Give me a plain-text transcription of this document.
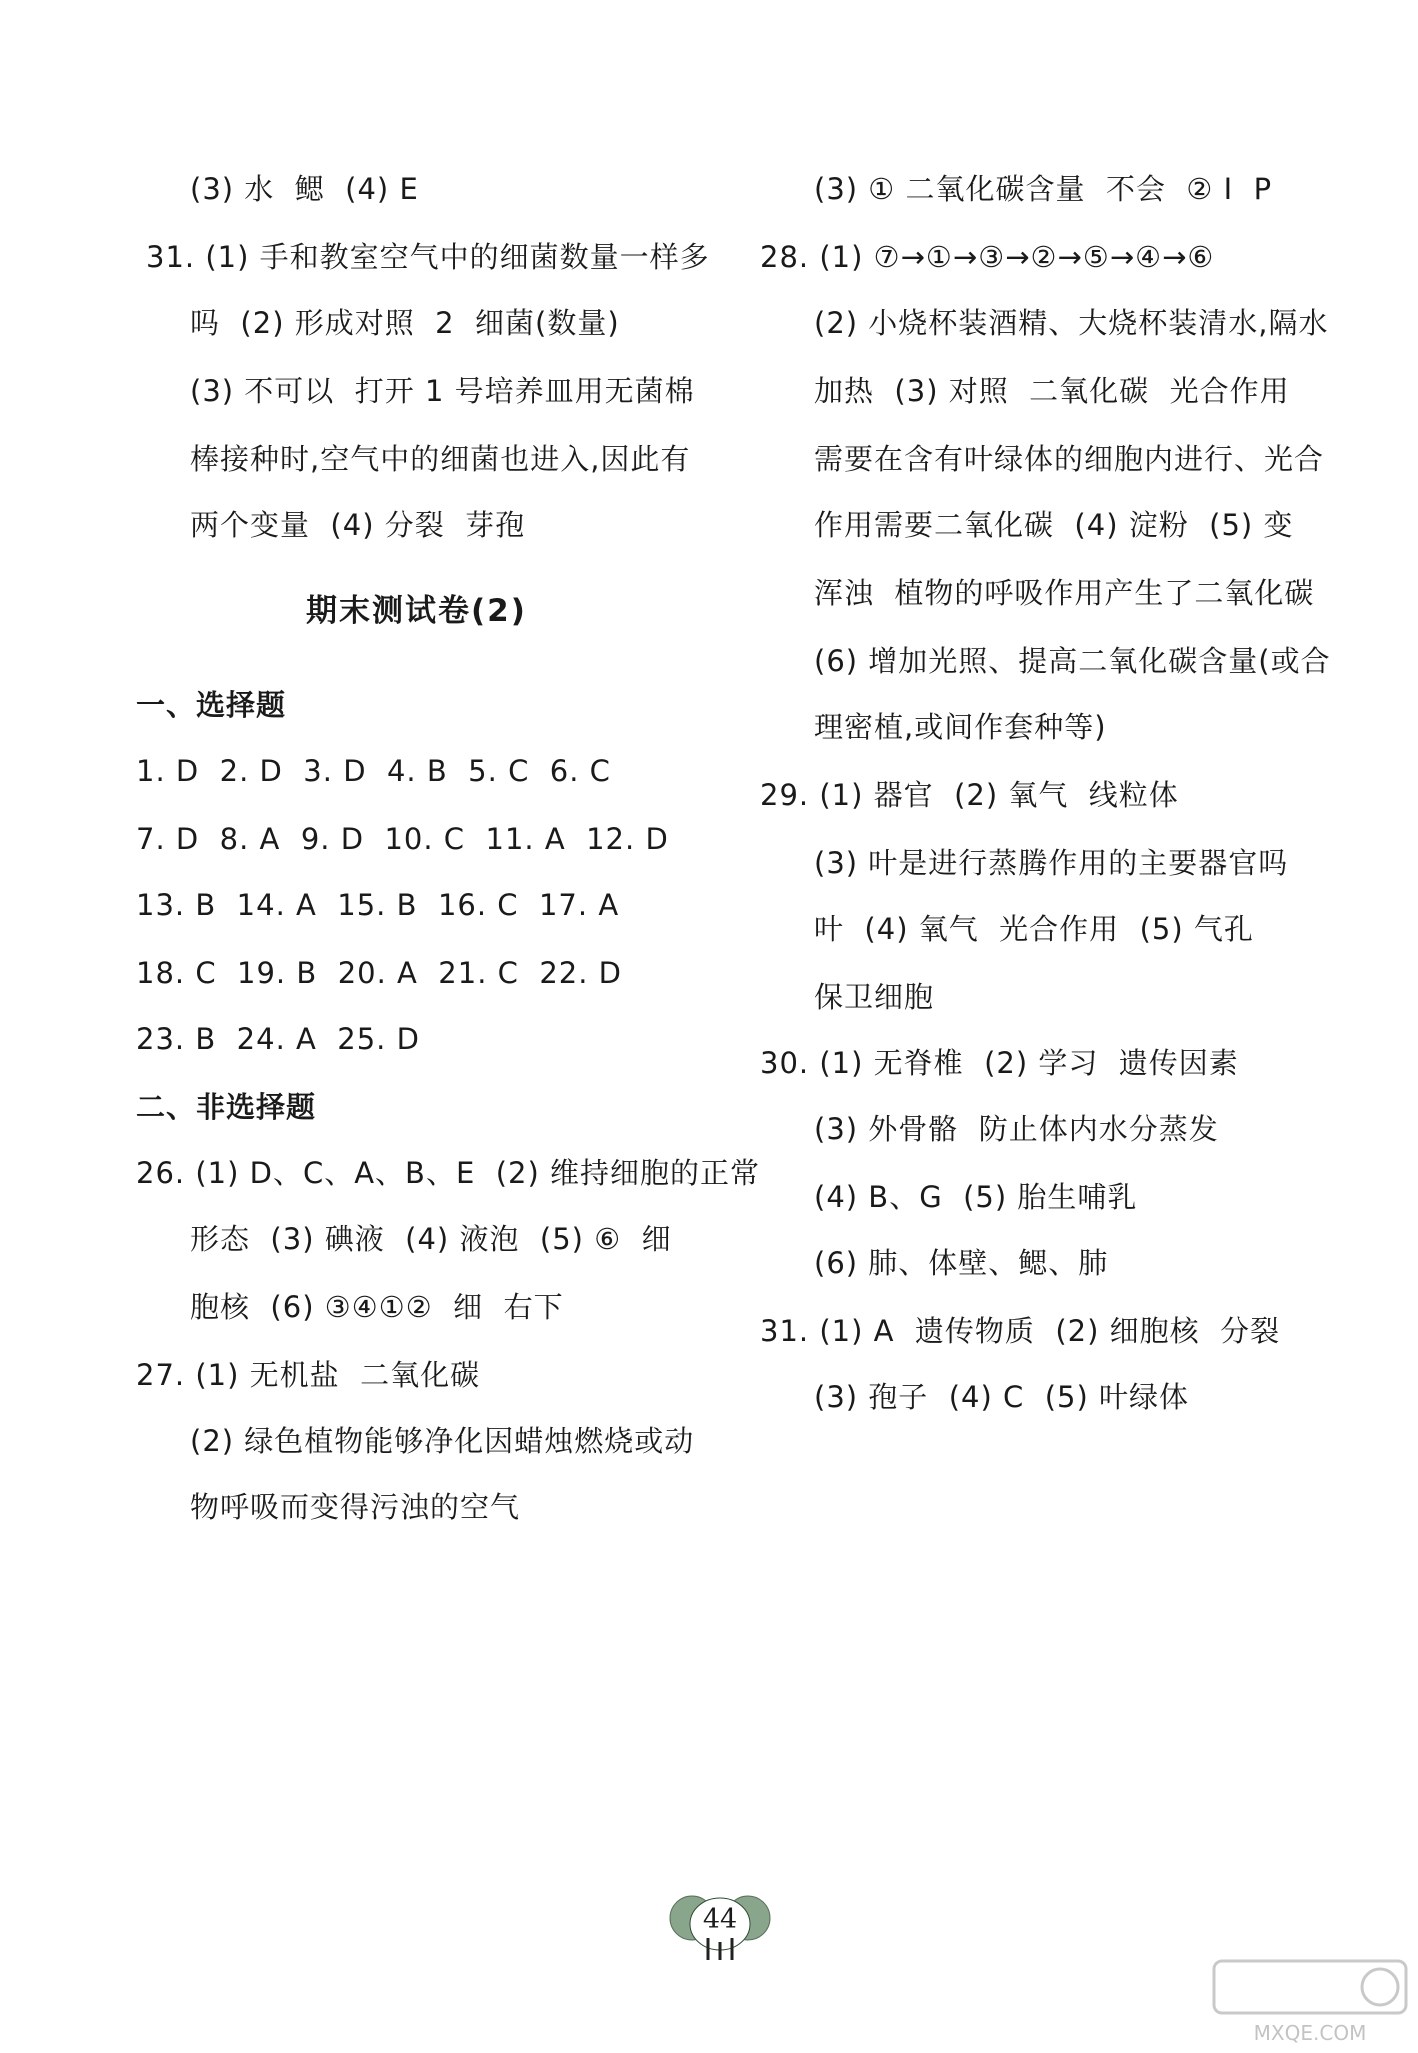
(3) 水  鳃  (4) E
31. (1) 手和教室空气中的细菌数量一样多
吗  (2) 形成对照  2  细菌(数量)
(3) 不可以  打开 1 号培养皿用无菌棉
棒接种时,空气中的细菌也进入,因此有
两个变量  (4) 分裂  芽孢
期末测试卷(2)
一、选择题
1. D  2. D  3. D  4. B  5. C  6. C
7. D  8. A  9. D  10. C  11. A  12. D
13. B  14. A  15. B  16. C  17. A
18. C  19. B  20. A  21. C  22. D
23. B  24. A  25. D
二、非选择题
26. (1) D、C、A、B、E  (2) 维持细胞的正常
形态  (3) 碘液  (4) 液泡  (5) ⑥  细
胞核  (6) ③④①②  细  右下
27. (1) 无机盐  二氧化碳
(2) 绿色植物能够净化因蜡烛燃烧或动
物呼吸而变得污浊的空气
(3) ① 二氧化碳含量  不会  ② I  P
28. (1) ⑦→①→③→②→⑤→④→⑥
(2) 小烧杯装酒精、大烧杯装清水,隔水
加热  (3) 对照  二氧化碳  光合作用
需要在含有叶绿体的细胞内进行、光合
作用需要二氧化碳  (4) 淀粉  (5) 变
浑浊  植物的呼吸作用产生了二氧化碳
(6) 增加光照、提高二氧化碳含量(或合
理密植,或间作套种等)
29. (1) 器官  (2) 氧气  线粒体
(3) 叶是进行蒸腾作用的主要器官吗
叶  (4) 氧气  光合作用  (5) 气孔
保卫细胞
30. (1) 无脊椎  (2) 学习  遗传因素
(3) 外骨骼  防止体内水分蒸发
(4) B、G  (5) 胎生哺乳
(6) 肺、体壁、鳃、肺
31. (1) A  遗传物质  (2) 细胞核  分裂
(3) 孢子  (4) C  (5) 叶绿体
44
MXQE.COM
